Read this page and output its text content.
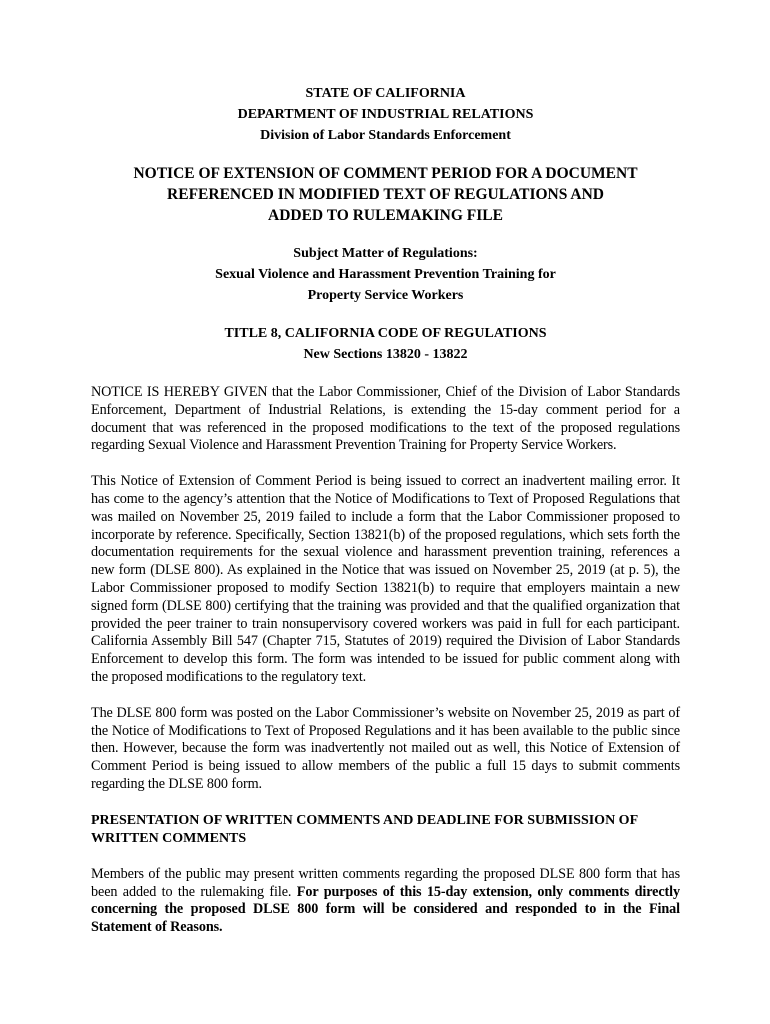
STATE OF CALIFORNIA
DEPARTMENT OF INDUSTRIAL RELATIONS
Division of Labor Standards Enforcement
NOTICE OF EXTENSION OF COMMENT PERIOD FOR A DOCUMENT
REFERENCED IN MODIFIED TEXT OF REGULATIONS AND
ADDED TO RULEMAKING FILE
Subject Matter of Regulations:
Sexual Violence and Harassment Prevention Training for
Property Service Workers
TITLE 8, CALIFORNIA CODE OF REGULATIONS
New Sections 13820 - 13822

NOTICE IS HEREBY GIVEN that the Labor Commissioner, Chief of the Division of Labor Standards Enforcement, Department of Industrial Relations, is extending the 15-day comment period for a document that was referenced in the proposed modifications to the text of the proposed regulations regarding Sexual Violence and Harassment Prevention Training for Property Service Workers.

This Notice of Extension of Comment Period is being issued to correct an inadvertent mailing error. It has come to the agency’s attention that the Notice of Modifications to Text of Proposed Regulations that was mailed on November 25, 2019 failed to include a form that the Labor Commissioner proposed to incorporate by reference. Specifically, Section 13821(b) of the proposed regulations, which sets forth the documentation requirements for the sexual violence and harassment prevention training, references a new form (DLSE 800). As explained in the Notice that was issued on November 25, 2019 (at p. 5), the Labor Commissioner proposed to modify Section 13821(b) to require that employers maintain a new signed form (DLSE 800) certifying that the training was provided and that the qualified organization that provided the peer trainer to train nonsupervisory covered workers was paid in full for each participant. California Assembly Bill 547 (Chapter 715, Statutes of 2019) required the Division of Labor Standards Enforcement to develop this form. The form was intended to be issued for public comment along with the proposed modifications to the regulatory text.

The DLSE 800 form was posted on the Labor Commissioner’s website on November 25, 2019 as part of the Notice of Modifications to Text of Proposed Regulations and it has been available to the public since then. However, because the form was inadvertently not mailed out as well, this Notice of Extension of Comment Period is being issued to allow members of the public a full 15 days to submit comments regarding the DLSE 800 form.

PRESENTATION OF WRITTEN COMMENTS AND DEADLINE FOR SUBMISSION OF WRITTEN COMMENTS

Members of the public may present written comments regarding the proposed DLSE 800 form that has been added to the rulemaking file. For purposes of this 15-day extension, only comments directly concerning the proposed DLSE 800 form will be considered and responded to in the Final Statement of Reasons.
